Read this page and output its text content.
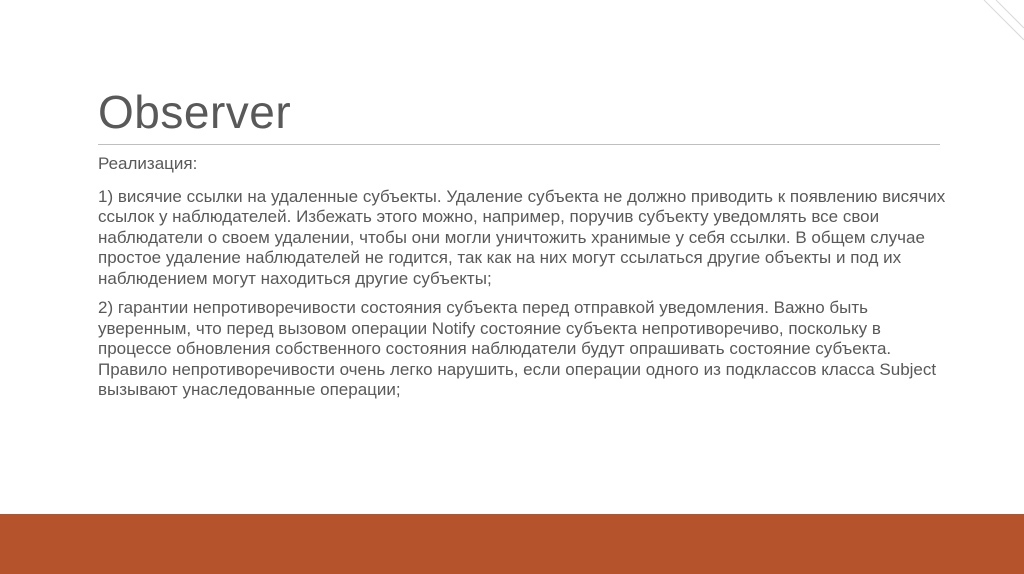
Observer

Реализация:

1) висячие ссылки на удаленные субъекты. Удаление субъекта не должно приводить к появлению висячих ссылок у наблюдателей. Избежать этого можно, например, поручив субъекту уведомлять все свои наблюдатели о своем удалении, чтобы они могли уничтожить хранимые у себя ссылки. В общем случае простое удаление наблюдателей не годится, так как на них могут ссылаться другие объекты и под их наблюдением могут находиться другие субъекты;

2) гарантии непротиворечивости состояния субъекта перед отправкой уведомления. Важно быть уверенным, что перед вызовом операции Notify состояние субъекта непротиворечиво, поскольку в процессе обновления собственного состояния наблюдатели будут опрашивать состояние субъекта. Правило непротиворечивости очень легко нарушить, если операции одного из подклассов класса Subject вызывают унаследованные операции;
